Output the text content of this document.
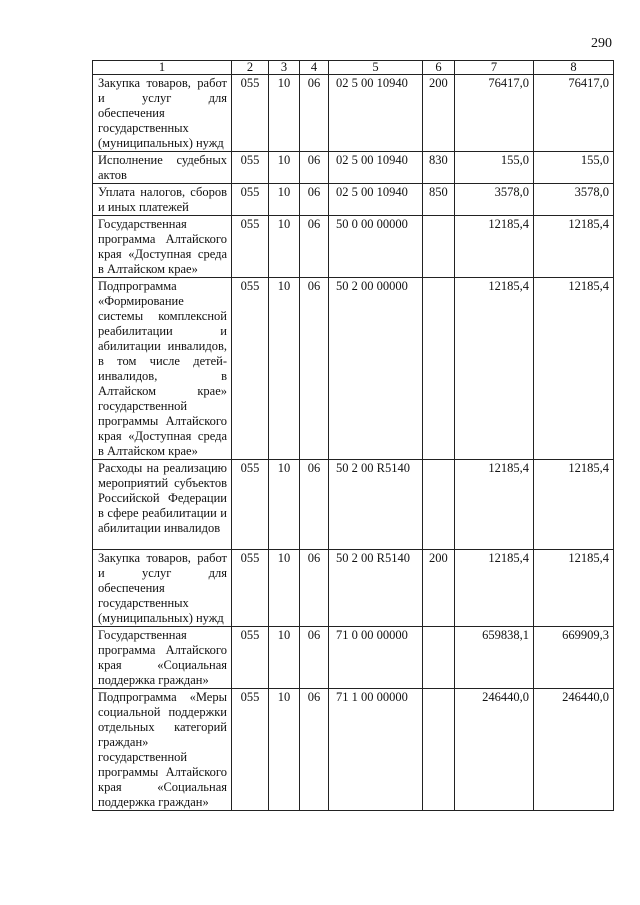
290
1	2	3	4	5	6	7	8
Закупка товаров, работ и услуг для обеспечения государственных (муниципальных) нужд	055	10	06	02 5 00 10940	200	76417,0	76417,0
Исполнение судебных актов	055	10	06	02 5 00 10940	830	155,0	155,0
Уплата налогов, сборов и иных платежей	055	10	06	02 5 00 10940	850	3578,0	3578,0
Государственная программа Алтайского края «Доступная среда в Алтайском крае»	055	10	06	50 0 00 00000		12185,4	12185,4
Подпрограмма «Формирование системы комплексной реабилитации и абилитации инвалидов, в том числе детей-инвалидов, в Алтайском крае» государственной программы Алтайского края «Доступная среда в Алтайском крае»	055	10	06	50 2 00 00000		12185,4	12185,4
Расходы на реализацию мероприятий субъектов Российской Федерации в сфере реабилитации и абилитации инвалидов	055	10	06	50 2 00 R5140		12185,4	12185,4
Закупка товаров, работ и услуг для обеспечения государственных (муниципальных) нужд	055	10	06	50 2 00 R5140	200	12185,4	12185,4
Государственная программа Алтайского края «Социальная поддержка граждан»	055	10	06	71 0 00 00000		659838,1	669909,3
Подпрограмма «Меры социальной поддержки отдельных категорий граждан» государственной программы Алтайского края «Социальная поддержка граждан»	055	10	06	71 1 00 00000		246440,0	246440,0
